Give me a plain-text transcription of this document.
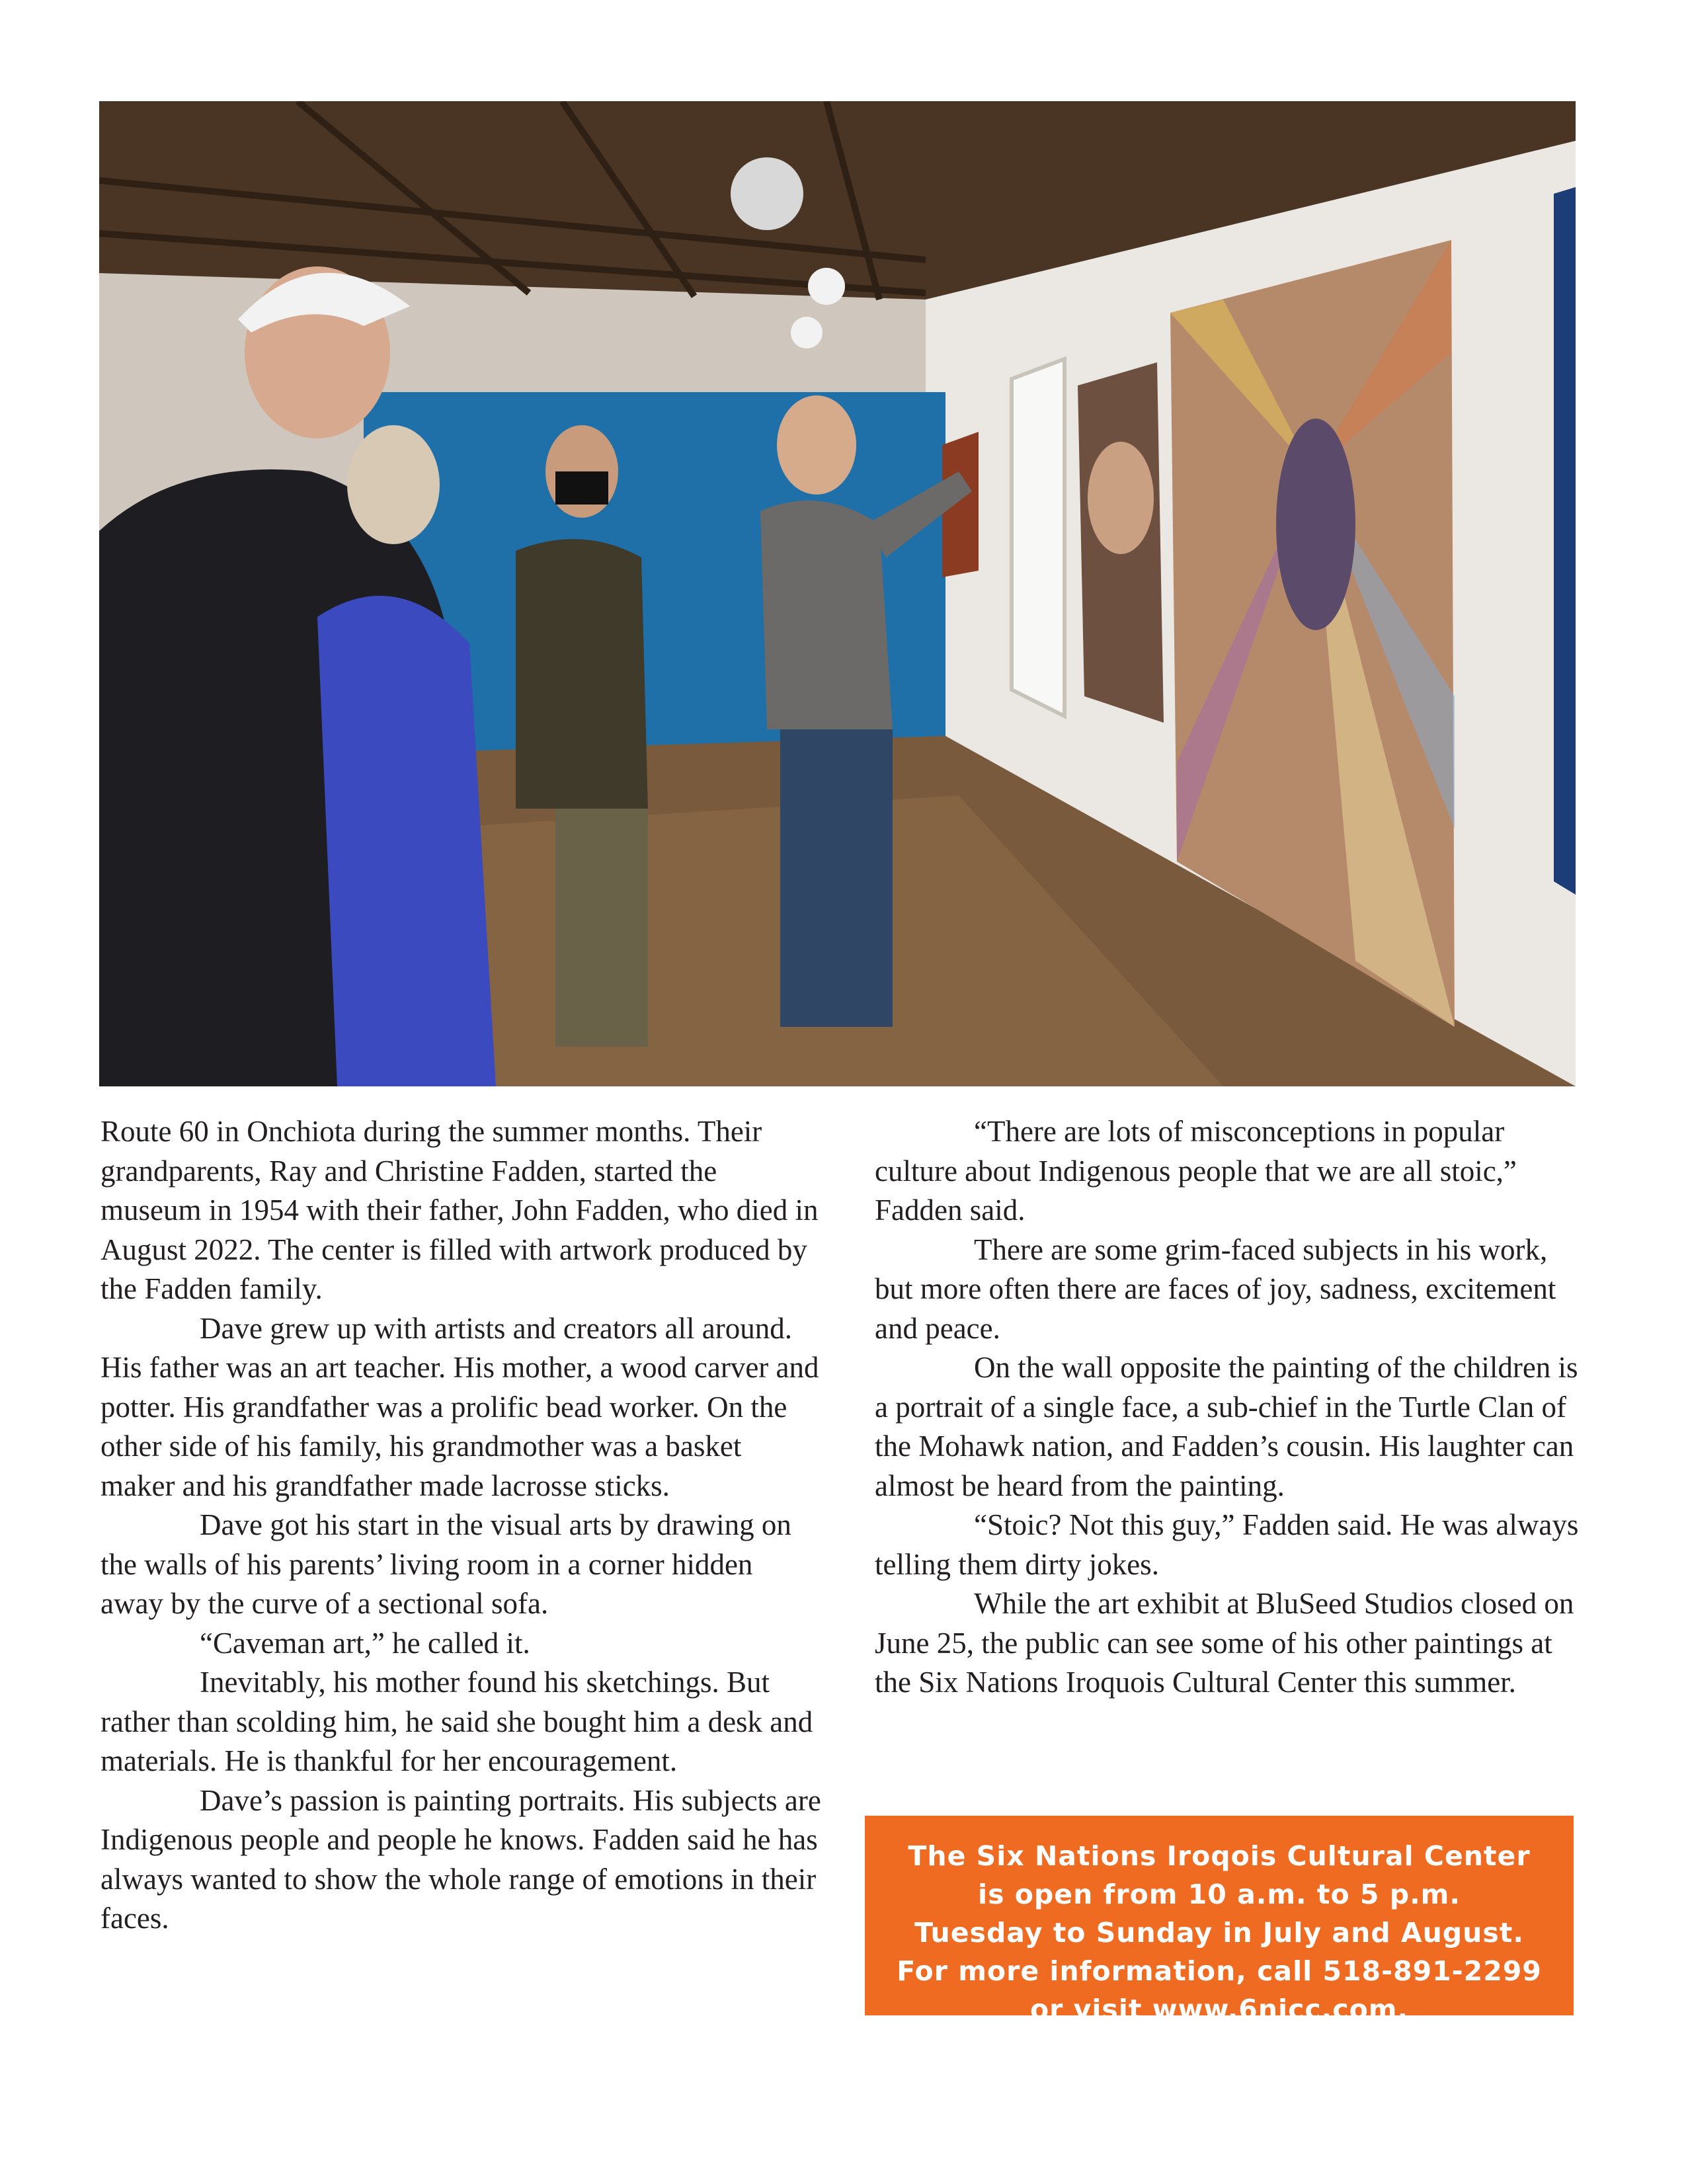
Route 60 in Onchiota during the summer months. Their grandparents, Ray and Christine Fadden, started the museum in 1954 with their father, John Fadden, who died in August 2022. The center is filled with artwork produced by the Fadden family.

Dave grew up with artists and creators all around. His father was an art teacher. His mother, a wood carver and potter. His grandfather was a prolific bead worker. On the other side of his family, his grandmother was a basket maker and his grandfather made lacrosse sticks.

Dave got his start in the visual arts by drawing on the walls of his parents’ living room in a corner hidden away by the curve of a sectional sofa.

“Caveman art,” he called it.

Inevitably, his mother found his sketchings. But rather than scolding him, he said she bought him a desk and materials. He is thankful for her encouragement.

Dave’s passion is painting portraits. His subjects are Indigenous people and people he knows. Fadden said he has always wanted to show the whole range of emotions in their faces.

“There are lots of misconceptions in popular culture about Indigenous people that we are all stoic,” Fadden said.

There are some grim-faced subjects in his work, but more often there are faces of joy, sadness, excitement and peace.

On the wall opposite the painting of the children is a portrait of a single face, a sub-chief in the Turtle Clan of the Mohawk nation, and Fadden’s cousin. His laughter can almost be heard from the painting.

“Stoic? Not this guy,” Fadden said. He was always telling them dirty jokes.

While the art exhibit at BluSeed Studios closed on June 25, the public can see some of his other paintings at the Six Nations Iroquois Cultural Center this summer.

The Six Nations Iroqois Cultural Center
is open from 10 a.m. to 5 p.m.
Tuesday to Sunday in July and August.
For more information, call 518-891-2299
or visit www.6nicc.com.
